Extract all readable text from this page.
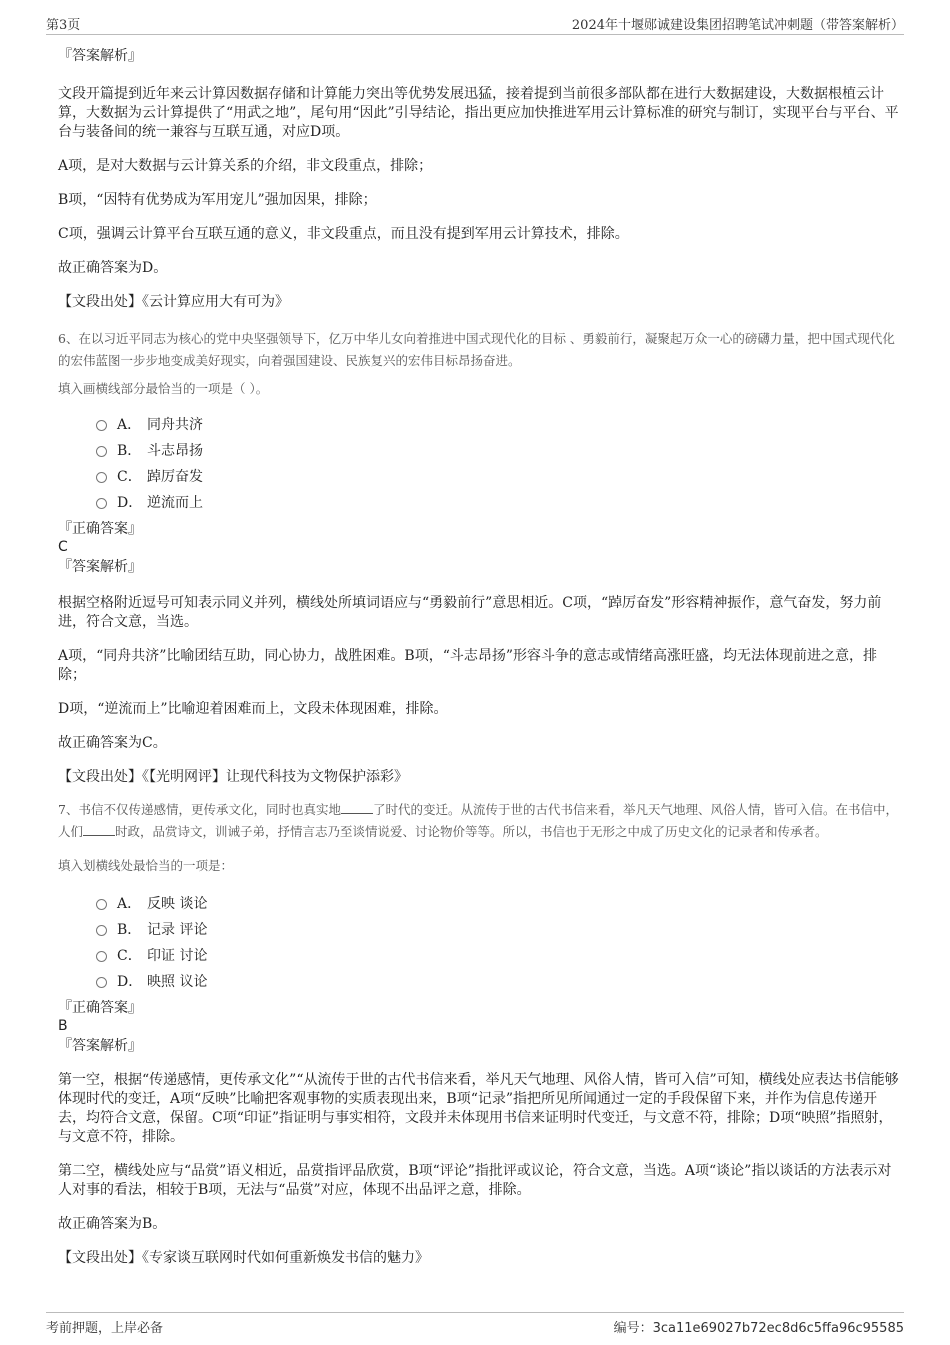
第3页	2024年十堰郧诚建设集团招聘笔试冲刺题（带答案解析）

『答案解析』

文段开篇提到近年来云计算因数据存储和计算能力突出等优势发展迅猛，接着提到当前很多部队都在进行大数据建设，大数据根植云计算，大数据为云计算提供了“用武之地”，尾句用“因此”引导结论，指出更应加快推进军用云计算标准的研究与制订，实现平台与平台、平台与装备间的统一兼容与互联互通，对应D项。

A项，是对大数据与云计算关系的介绍，非文段重点，排除；

B项，“因特有优势成为军用宠儿”强加因果，排除；

C项，强调云计算平台互联互通的意义，非文段重点，而且没有提到军用云计算技术，排除。

故正确答案为D。

【文段出处】《云计算应用大有可为》

6、在以习近平同志为核心的党中央坚强领导下，亿万中华儿女向着推进中国式现代化的目标 、勇毅前行，凝聚起万众一心的磅礴力量，把中国式现代化的宏伟蓝图一步步地变成美好现实，向着强国建设、民族复兴的宏伟目标昂扬奋进。

填入画横线部分最恰当的一项是（ ）。

A． 同舟共济
B． 斗志昂扬
C． 踔厉奋发
D． 逆流而上

『正确答案』

C

『答案解析』

根据空格附近逗号可知表示同义并列，横线处所填词语应与“勇毅前行”意思相近。C项，“踔厉奋发”形容精神振作，意气奋发，努力前进，符合文意，当选。

A项，“同舟共济”比喻团结互助，同心协力，战胜困难。B项，“斗志昂扬”形容斗争的意志或情绪高涨旺盛，均无法体现前进之意，排除；

D项，“逆流而上”比喻迎着困难而上，文段未体现困难，排除。

故正确答案为C。

【文段出处】《【光明网评】让现代科技为文物保护添彩》

7、书信不仅传递感情，更传承文化，同时也真实地	了时代的变迁。从流传于世的古代书信来看，举凡天气地理、风俗人情，皆可入信。在书信中，人们	时政，品赏诗文，训诫子弟，抒情言志乃至谈情说爱、讨论物价等等。所以，书信也于无形之中成了历史文化的记录者和传承者。

填入划横线处最恰当的一项是：

A． 反映 谈论
B． 记录 评论
C． 印证 讨论
D． 映照 议论

『正确答案』

B

『答案解析』

第一空，根据“传递感情，更传承文化”“从流传于世的古代书信来看，举凡天气地理、风俗人情，皆可入信”可知，横线处应表达书信能够体现时代的变迁，A项“反映”比喻把客观事物的实质表现出来，B项“记录”指把所见所闻通过一定的手段保留下来，并作为信息传递开去，均符合文意，保留。C项“印证”指证明与事实相符，文段并未体现用书信来证明时代变迁，与文意不符，排除；D项“映照”指照射，与文意不符，排除。

第二空，横线处应与“品赏”语义相近，品赏指评品欣赏，B项“评论”指批评或议论，符合文意，当选。A项“谈论”指以谈话的方法表示对人对事的看法，相较于B项，无法与“品赏”对应，体现不出品评之意，排除。

故正确答案为B。

【文段出处】《专家谈互联网时代如何重新焕发书信的魅力》

考前押题，上岸必备	编号：3ca11e69027b72ec8d6c5ffa96c95585
